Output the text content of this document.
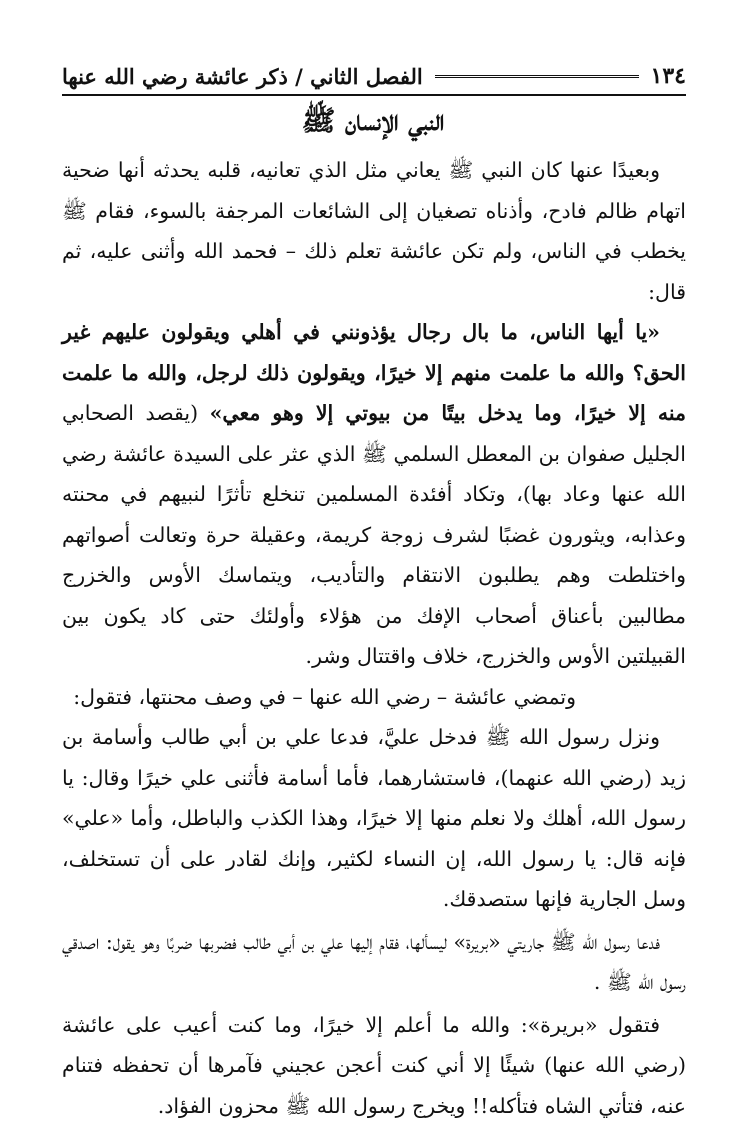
١٣٤
الفصل الثاني / ذكر عائشة رضي الله عنها
النبي الإنسان ﷺ

وبعيدًا عنها كان النبي ﷺ يعاني مثل الذي تعانيه، قلبه يحدثه أنها ضحية اتهام ظالم فادح، وأذناه تصغيان إلى الشائعات المرجفة بالسوء، فقام ﷺ يخطب في الناس، ولم تكن عائشة تعلم ذلك – فحمد الله وأثنى عليه، ثم قال:

«يا أيها الناس، ما بال رجال يؤذونني في أهلي ويقولون عليهم غير الحق؟ والله ما علمت منهم إلا خيرًا، ويقولون ذلك لرجل، والله ما علمت منه إلا خيرًا، وما يدخل بيتًا من بيوتي إلا وهو معي» (يقصد الصحابي الجليل صفوان بن المعطل السلمي ﷺ الذي عثر على السيدة عائشة رضي الله عنها وعاد بها)، وتكاد أفئدة المسلمين تنخلع تأثرًا لنبيهم في محنته وعذابه، ويثورون غضبًا لشرف زوجة كريمة، وعقيلة حرة وتعالت أصواتهم واختلطت وهم يطلبون الانتقام والتأديب، ويتماسك الأوس والخزرج مطالبين بأعناق أصحاب الإفك من هؤلاء وأولئك حتى كاد يكون بين القبيلتين الأوس والخزرج، خلاف واقتتال وشر.

وتمضي عائشة – رضي الله عنها – في وصف محنتها، فتقول:

ونزل رسول الله ﷺ فدخل عليَّ، فدعا علي بن أبي طالب وأسامة بن زيد (رضي الله عنهما)، فاستشارهما، فأما أسامة فأثنى علي خيرًا وقال: يا رسول الله، أهلك ولا نعلم منها إلا خيرًا، وهذا الكذب والباطل، وأما «علي» فإنه قال: يا رسول الله، إن النساء لكثير، وإنك لقادر على أن تستخلف، وسل الجارية فإنها ستصدقك.

فدعا رسول الله ﷺ جاريتي «بريرة» ليسألها، فقام إليها علي بن أبي طالب فضربها ضربًا وهو يقول: اصدقي رسول الله ﷺ .

فتقول «بريرة»: والله ما أعلم إلا خيرًا، وما كنت أعيب على عائشة (رضي الله عنها) شيئًا إلا أني كنت أعجن عجيني فآمرها أن تحفظه فتنام عنه، فتأتي الشاه فتأكله!! ويخرج رسول الله ﷺ محزون الفؤاد.
